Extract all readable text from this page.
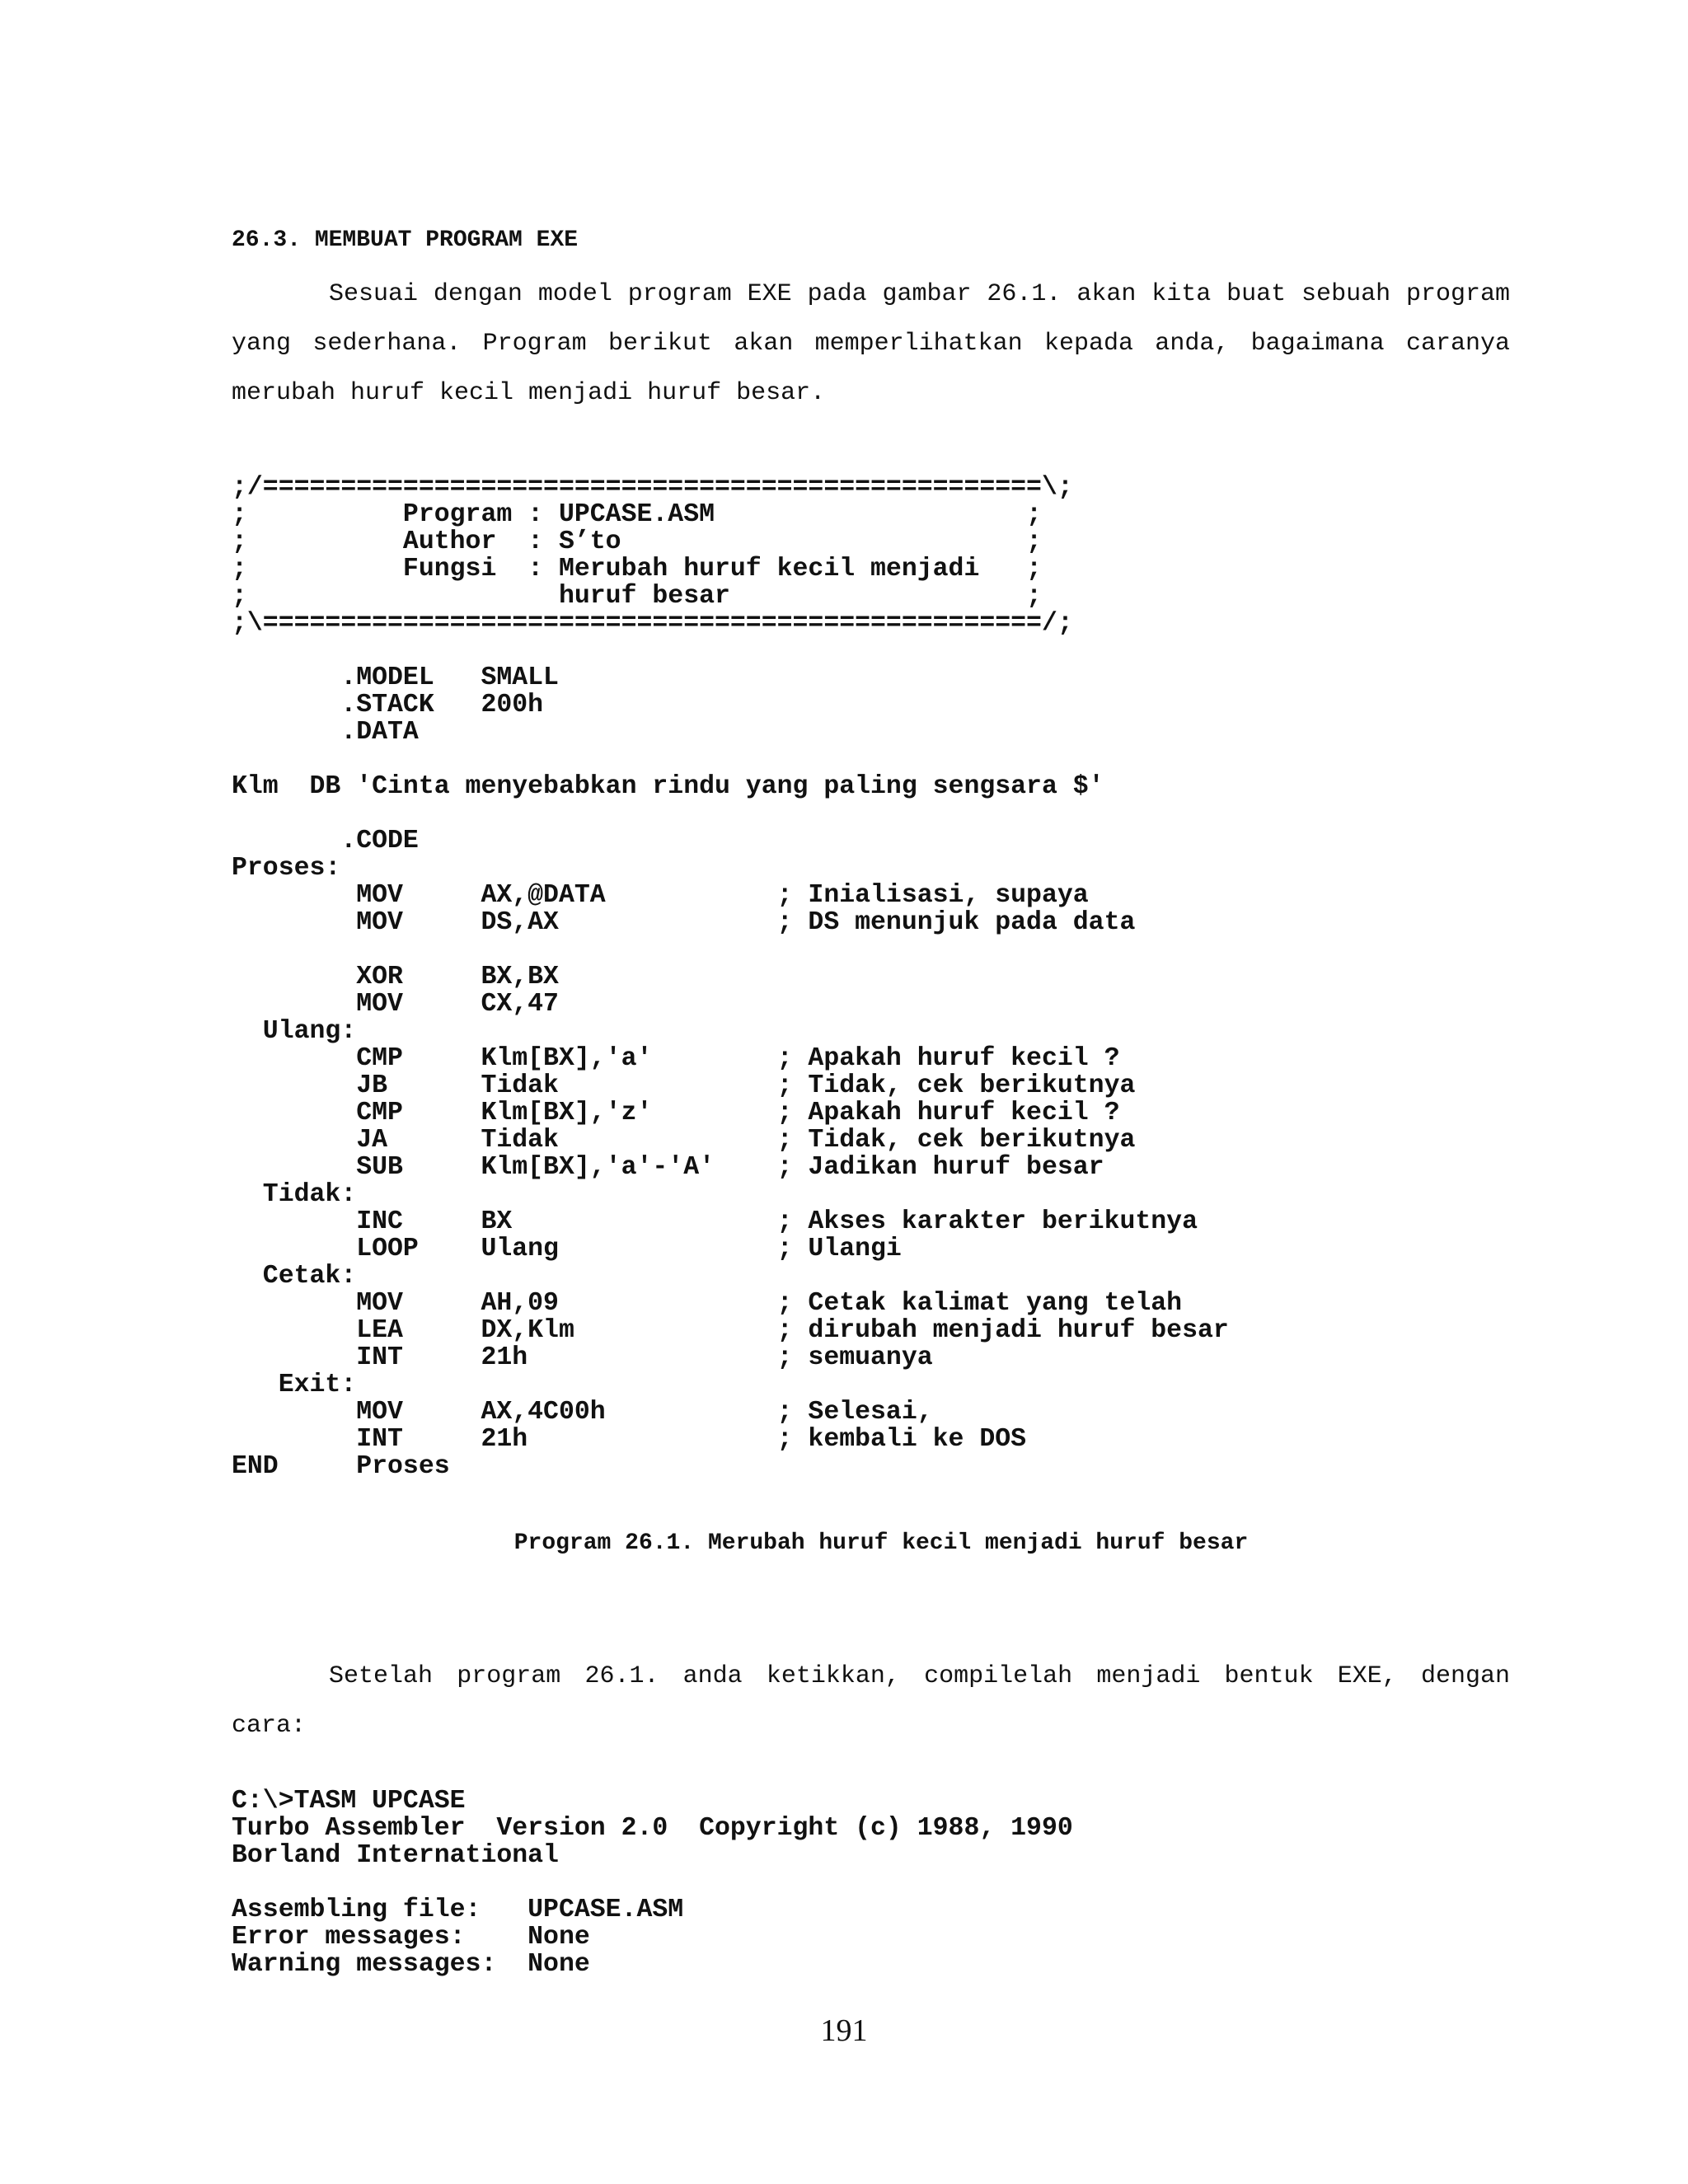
26.3. MEMBUAT PROGRAM EXE

Sesuai dengan model program EXE pada gambar 26.1. akan kita buat sebuah program yang sederhana. Program berikut akan memperlihatkan kepada anda, bagaimana caranya merubah huruf kecil menjadi huruf besar.

;/==================================================\;
;          Program : UPCASE.ASM                    ;
;          Author  : S’to                          ;
;          Fungsi  : Merubah huruf kecil menjadi   ;
;                    huruf besar                   ;
;\==================================================/;
.MODEL   SMALL
.STACK   200h
.DATA
Klm  DB 'Cinta menyebabkan rindu yang paling sengsara $'
.CODE
Proses:
MOV     AX,@DATA           ; Inialisasi, supaya
MOV     DS,AX              ; DS menunjuk pada data
XOR     BX,BX
MOV     CX,47
Ulang:
CMP     Klm[BX],'a'        ; Apakah huruf kecil ?
JB      Tidak              ; Tidak, cek berikutnya
CMP     Klm[BX],'z'        ; Apakah huruf kecil ?
JA      Tidak              ; Tidak, cek berikutnya
SUB     Klm[BX],'a'-'A'    ; Jadikan huruf besar
Tidak:
INC     BX                 ; Akses karakter berikutnya
LOOP    Ulang              ; Ulangi
Cetak:
MOV     AH,09              ; Cetak kalimat yang telah
LEA     DX,Klm             ; dirubah menjadi huruf besar
INT     21h                ; semuanya
Exit:
MOV     AX,4C00h           ; Selesai,
INT     21h                ; kembali ke DOS
END     Proses

Program 26.1. Merubah huruf kecil menjadi huruf besar

Setelah program 26.1. anda ketikkan, compilelah menjadi bentuk EXE, dengan cara:

C:\>TASM UPCASE
Turbo Assembler  Version 2.0  Copyright (c) 1988, 1990
Borland International
Assembling file:   UPCASE.ASM
Error messages:    None
Warning messages:  None
191
